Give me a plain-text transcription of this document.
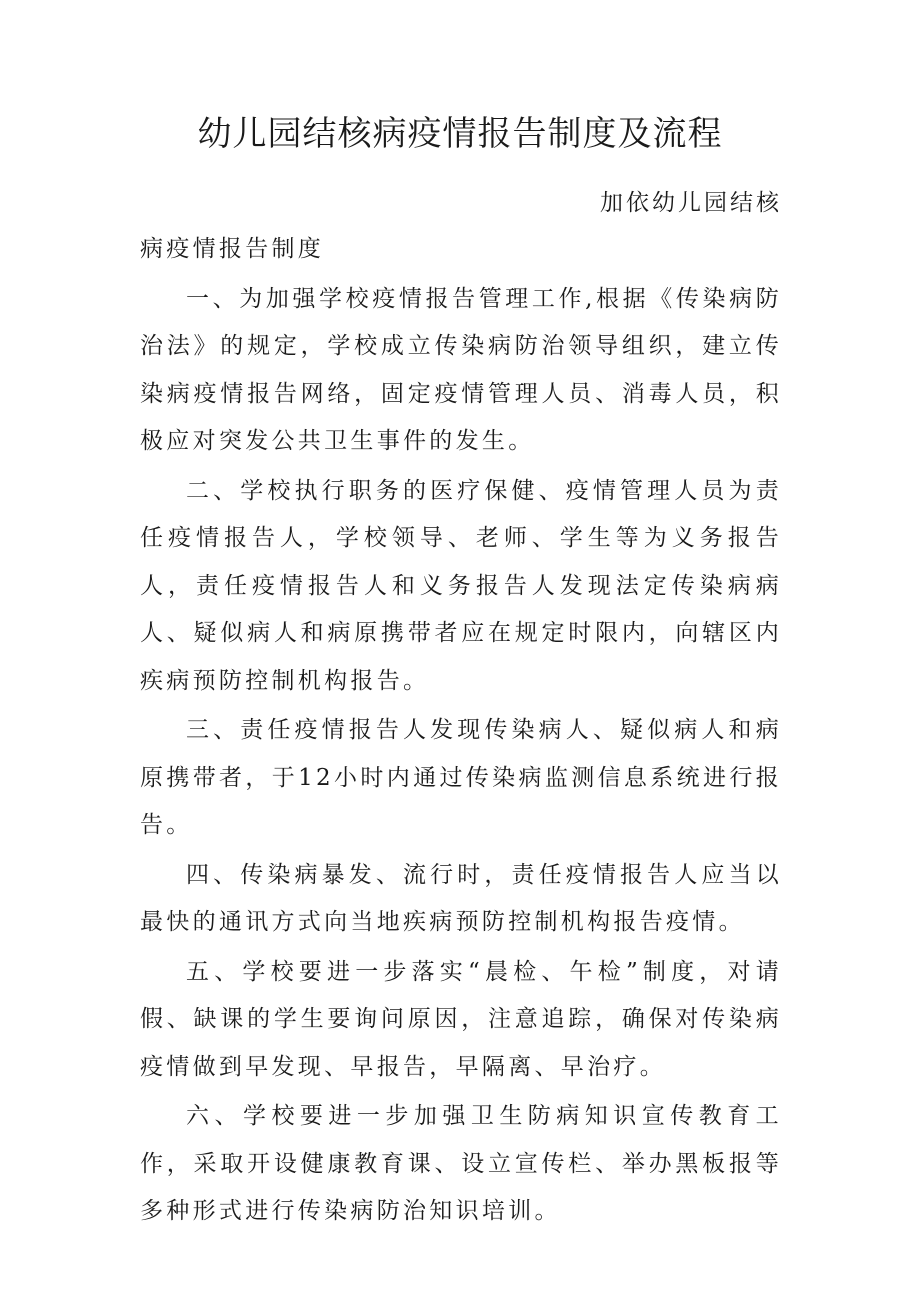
幼儿园结核病疫情报告制度及流程

加依幼儿园结核

病疫情报告制度

一、为加强学校疫情报告管理工作,根据《传染病防治法》的规定，学校成立传染病防治领导组织，建立传染病疫情报告网络，固定疫情管理人员、消毒人员，积极应对突发公共卫生事件的发生。

二、学校执行职务的医疗保健、疫情管理人员为责任疫情报告人，学校领导、老师、学生等为义务报告人，责任疫情报告人和义务报告人发现法定传染病病人、疑似病人和病原携带者应在规定时限内，向辖区内疾病预防控制机构报告。

三、责任疫情报告人发现传染病人、疑似病人和病原携带者，于12小时内通过传染病监测信息系统进行报告。

四、传染病暴发、流行时，责任疫情报告人应当以最快的通讯方式向当地疾病预防控制机构报告疫情。

五、学校要进一步落实“晨检、午检”制度，对请假、缺课的学生要询问原因，注意追踪，确保对传染病疫情做到早发现、早报告，早隔离、早治疗。

六、学校要进一步加强卫生防病知识宣传教育工作，采取开设健康教育课、设立宣传栏、举办黑板报等多种形式进行传染病防治知识培训。
